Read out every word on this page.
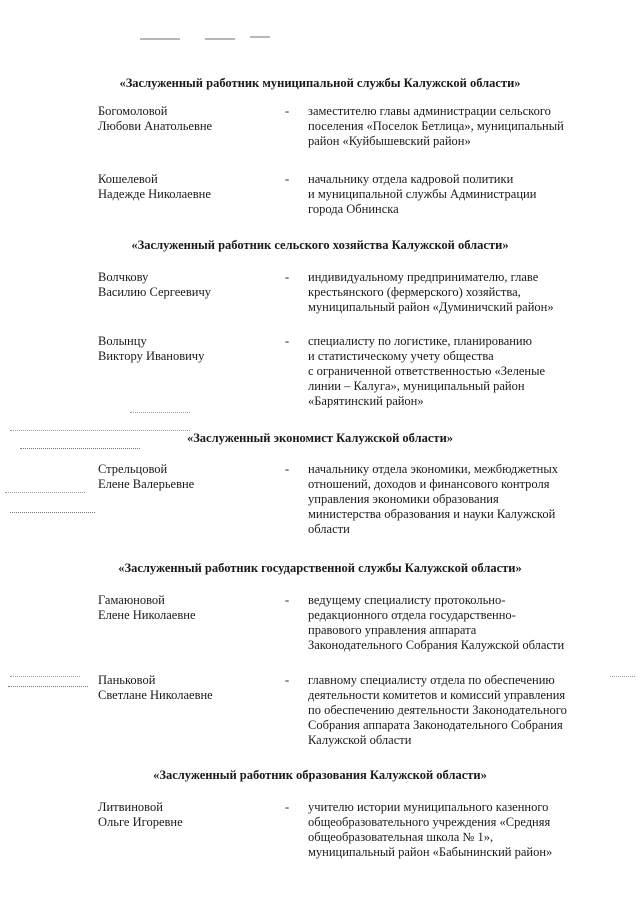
«Заслуженный работник муниципальной службы Калужской области»
Богомоловой
Любови Анатольевне
- заместителю главы администрации сельского
поселения «Поселок Бетлица», муниципальный
район «Куйбышевский район»
Кошелевой
Надежде Николаевне
- начальнику отдела кадровой политики
и муниципальной службы Администрации
города Обнинска
«Заслуженный работник сельского хозяйства Калужской области»
Волчкову
Василию Сергеевичу
- индивидуальному предпринимателю, главе
крестьянского (фермерского) хозяйства,
муниципальный район «Думиничский район»
Волынцу
Виктору Ивановичу
- специалисту по логистике, планированию
и статистическому учету общества
с ограниченной ответственностью «Зеленые
линии – Калуга», муниципальный район
«Барятинский район»
«Заслуженный экономист Калужской области»
Стрельцовой
Елене Валерьевне
- начальнику отдела экономики, межбюджетных
отношений, доходов и финансового контроля
управления экономики образования
министерства образования и науки Калужской
области
«Заслуженный работник государственной службы Калужской области»
Гамаюновой
Елене Николаевне
- ведущему специалисту протокольно-
редакционного отдела государственно-
правового управления аппарата
Законодательного Собрания Калужской области
Паньковой
Светлане Николаевне
- главному специалисту отдела по обеспечению
деятельности комитетов и комиссий управления
по обеспечению деятельности Законодательного
Собрания аппарата Законодательного Собрания
Калужской области
«Заслуженный работник образования Калужской области»
Литвиновой
Ольге Игоревне
- учителю истории муниципального казенного
общеобразовательного учреждения «Средняя
общеобразовательная школа № 1»,
муниципальный район «Бабынинский район»
